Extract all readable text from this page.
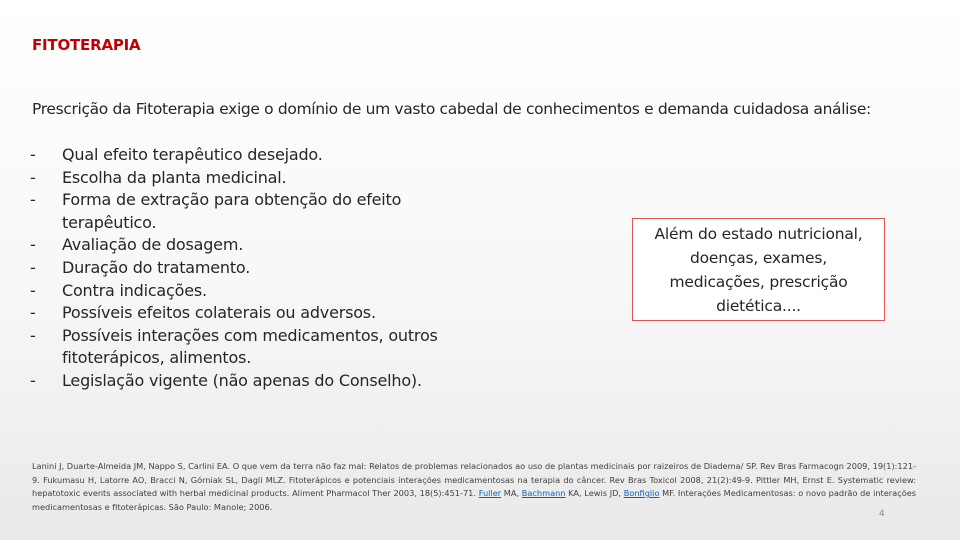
FITOTERAPIA
Prescrição da Fitoterapia exige o domínio de um vasto cabedal de conhecimentos e demanda cuidadosa análise:
- Qual efeito terapêutico desejado.
- Escolha da planta medicinal.
- Forma de extração para obtenção do efeito terapêutico.
- Avaliação de dosagem.
- Duração do tratamento.
- Contra indicações.
- Possíveis efeitos colaterais ou adversos.
- Possíveis interações com medicamentos, outros fitoterápicos, alimentos.
- Legislação vigente (não apenas do Conselho).
Além do estado nutricional, doenças, exames, medicações, prescrição dietética....
Lanini J, Duarte-Almeida JM, Nappo S, Carlini EA. O que vem da terra não faz mal: Relatos de problemas relacionados ao uso de plantas medicinais por raizeiros de Diadema/ SP. Rev Bras Farmacogn 2009, 19(1):121-9. Fukumasu H, Latorre AO, Bracci N, Górniak SL, Dagli MLZ. Fitoterápicos e potenciais interações medicamentosas na terapia do câncer. Rev Bras Toxicol 2008, 21(2):49-9. Pittler MH, Ernst E. Systematic review: hepatotoxic events associated with herbal medicinal products. Aliment Pharmacol Ther 2003, 18(5):451-71. Fuller MA, Bachmann KA, Lewis JD, Bonfiglio MF. Interações Medicamentosas: o novo padrão de interações medicamentosas e fitoterápicas. São Paulo: Manole; 2006.
4
